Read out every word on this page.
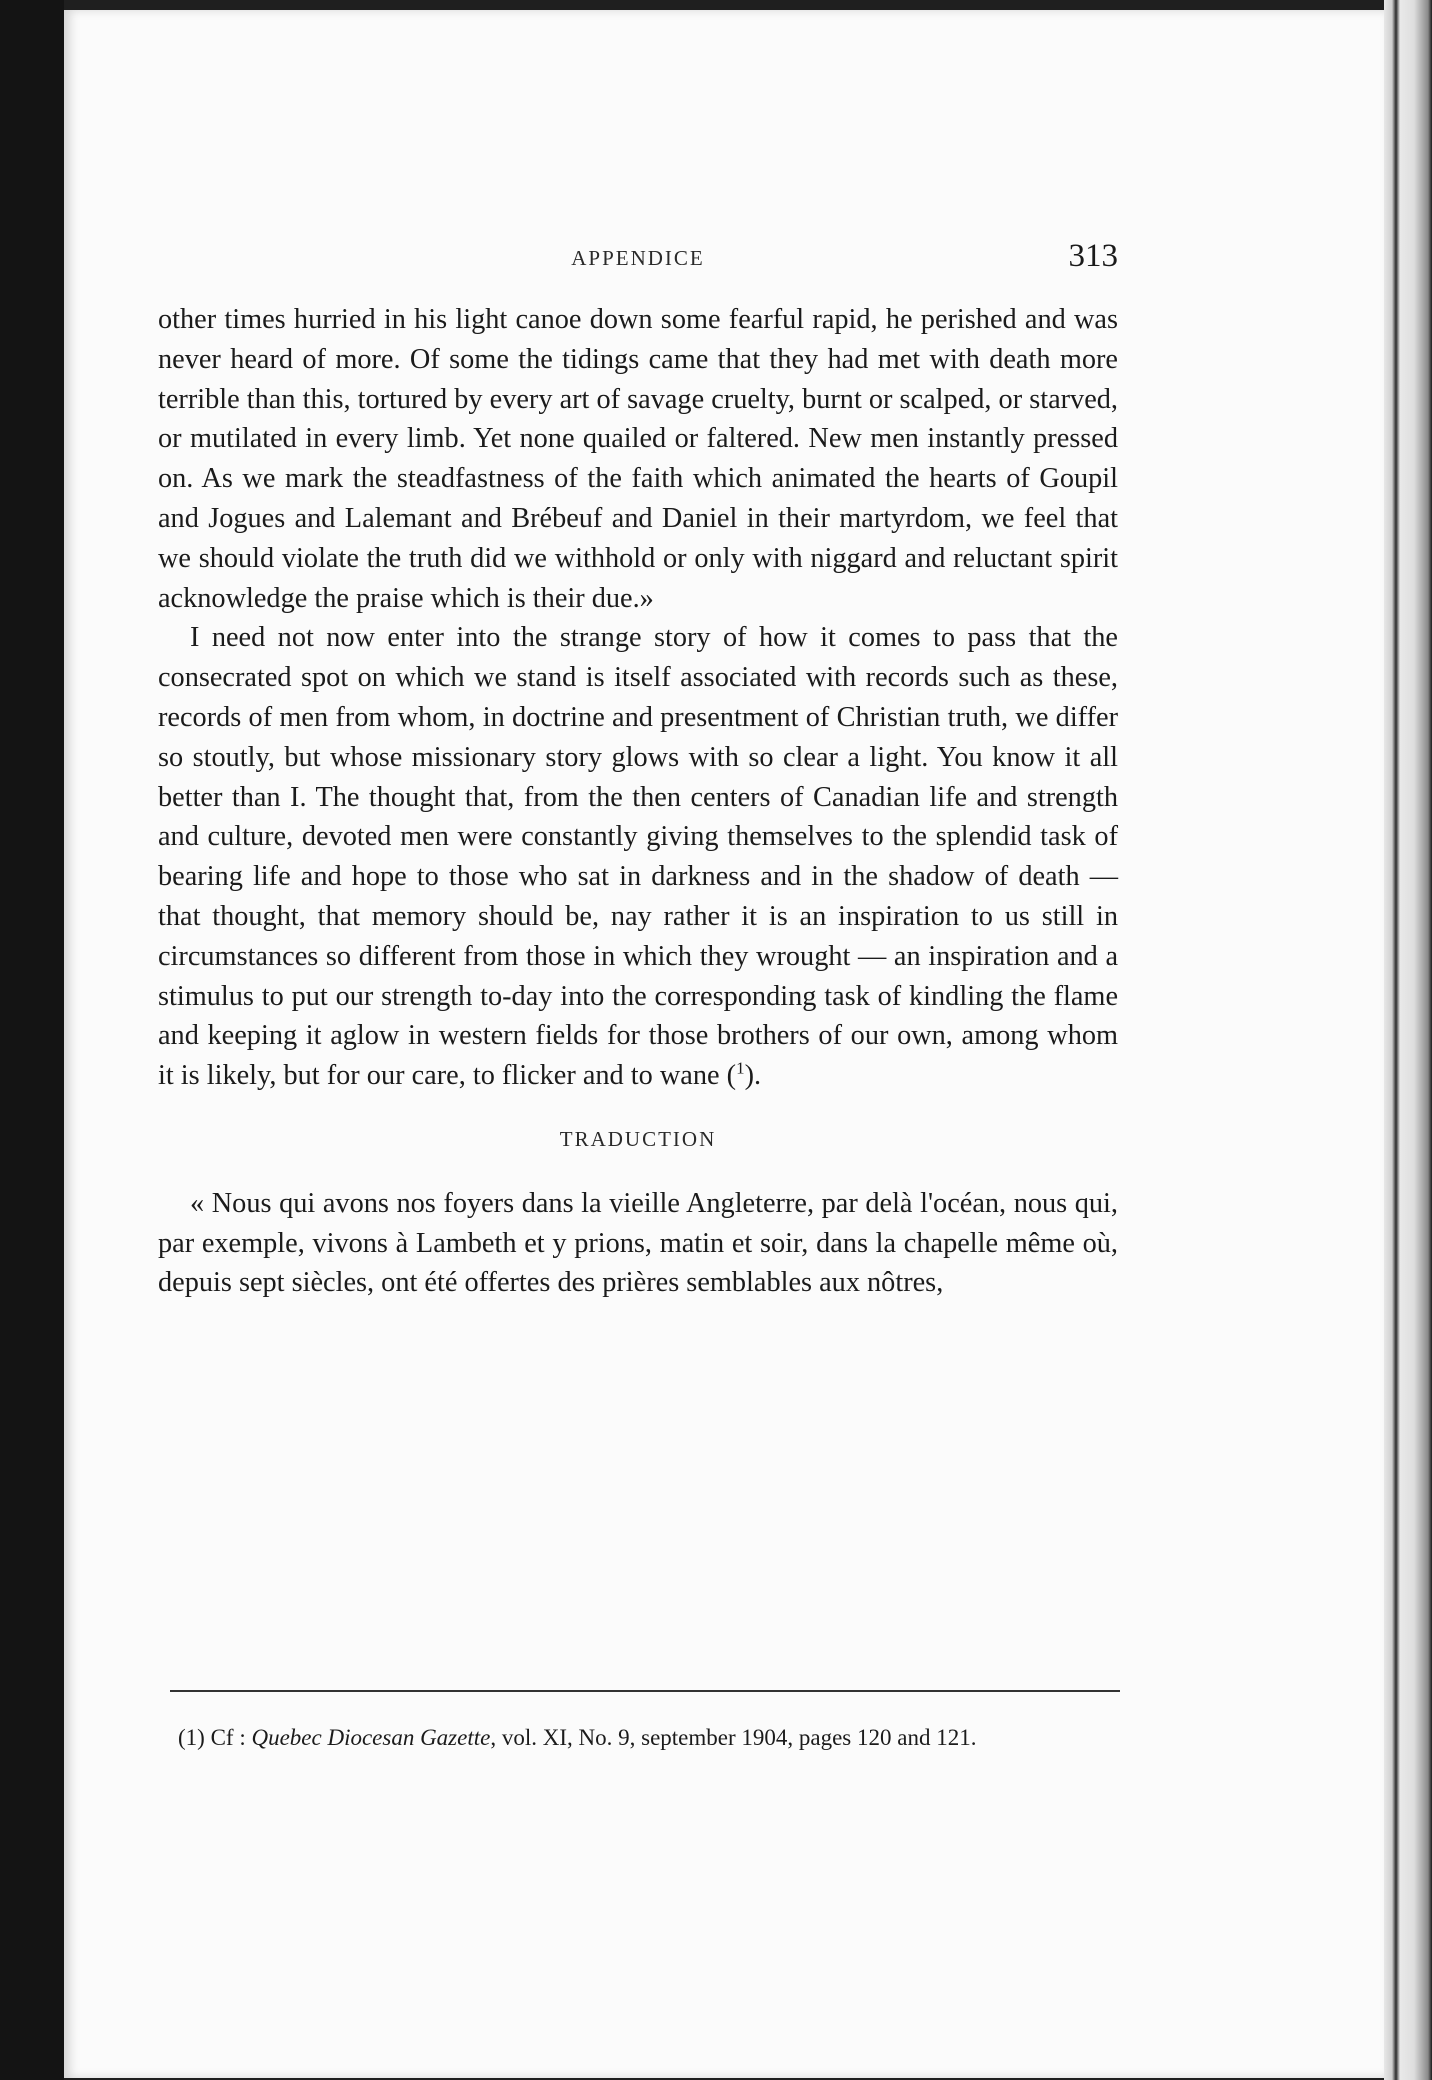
APPENDICE	313

other times hurried in his light canoe down some fearful rapid, he perished and was never heard of more. Of some the tidings came that they had met with death more terrible than this, tortured by every art of savage cruelty, burnt or scalped, or starved, or mutilated in every limb. Yet none quailed or faltered. New men instantly pressed on. As we mark the steadfastness of the faith which animated the hearts of Goupil and Jogues and Lalemant and Brébeuf and Daniel in their martyrdom, we feel that we should violate the truth did we withhold or only with niggard and reluctant spirit acknowledge the praise which is their due.»

I need not now enter into the strange story of how it comes to pass that the consecrated spot on which we stand is itself associated with records such as these, records of men from whom, in doctrine and presentment of Christian truth, we differ so stoutly, but whose missionary story glows with so clear a light. You know it all better than I. The thought that, from the then centers of Canadian life and strength and culture, devoted men were constantly giving themselves to the splendid task of bearing life and hope to those who sat in darkness and in the shadow of death — that thought, that memory should be, nay rather it is an inspiration to us still in circumstances so different from those in which they wrought — an inspiration and a stimulus to put our strength to-day into the corresponding task of kindling the flame and keeping it aglow in western fields for those brothers of our own, among whom it is likely, but for our care, to flicker and to wane ($^1$).

TRADUCTION

« Nous qui avons nos foyers dans la vieille Angleterre, par delà l'océan, nous qui, par exemple, vivons à Lambeth et y prions, matin et soir, dans la chapelle même où, depuis sept siècles, ont été offertes des prières semblables aux nôtres,

(1) Cf : Quebec Diocesan Gazette, vol. XI, No. 9, september 1904, pages 120 and 121.
